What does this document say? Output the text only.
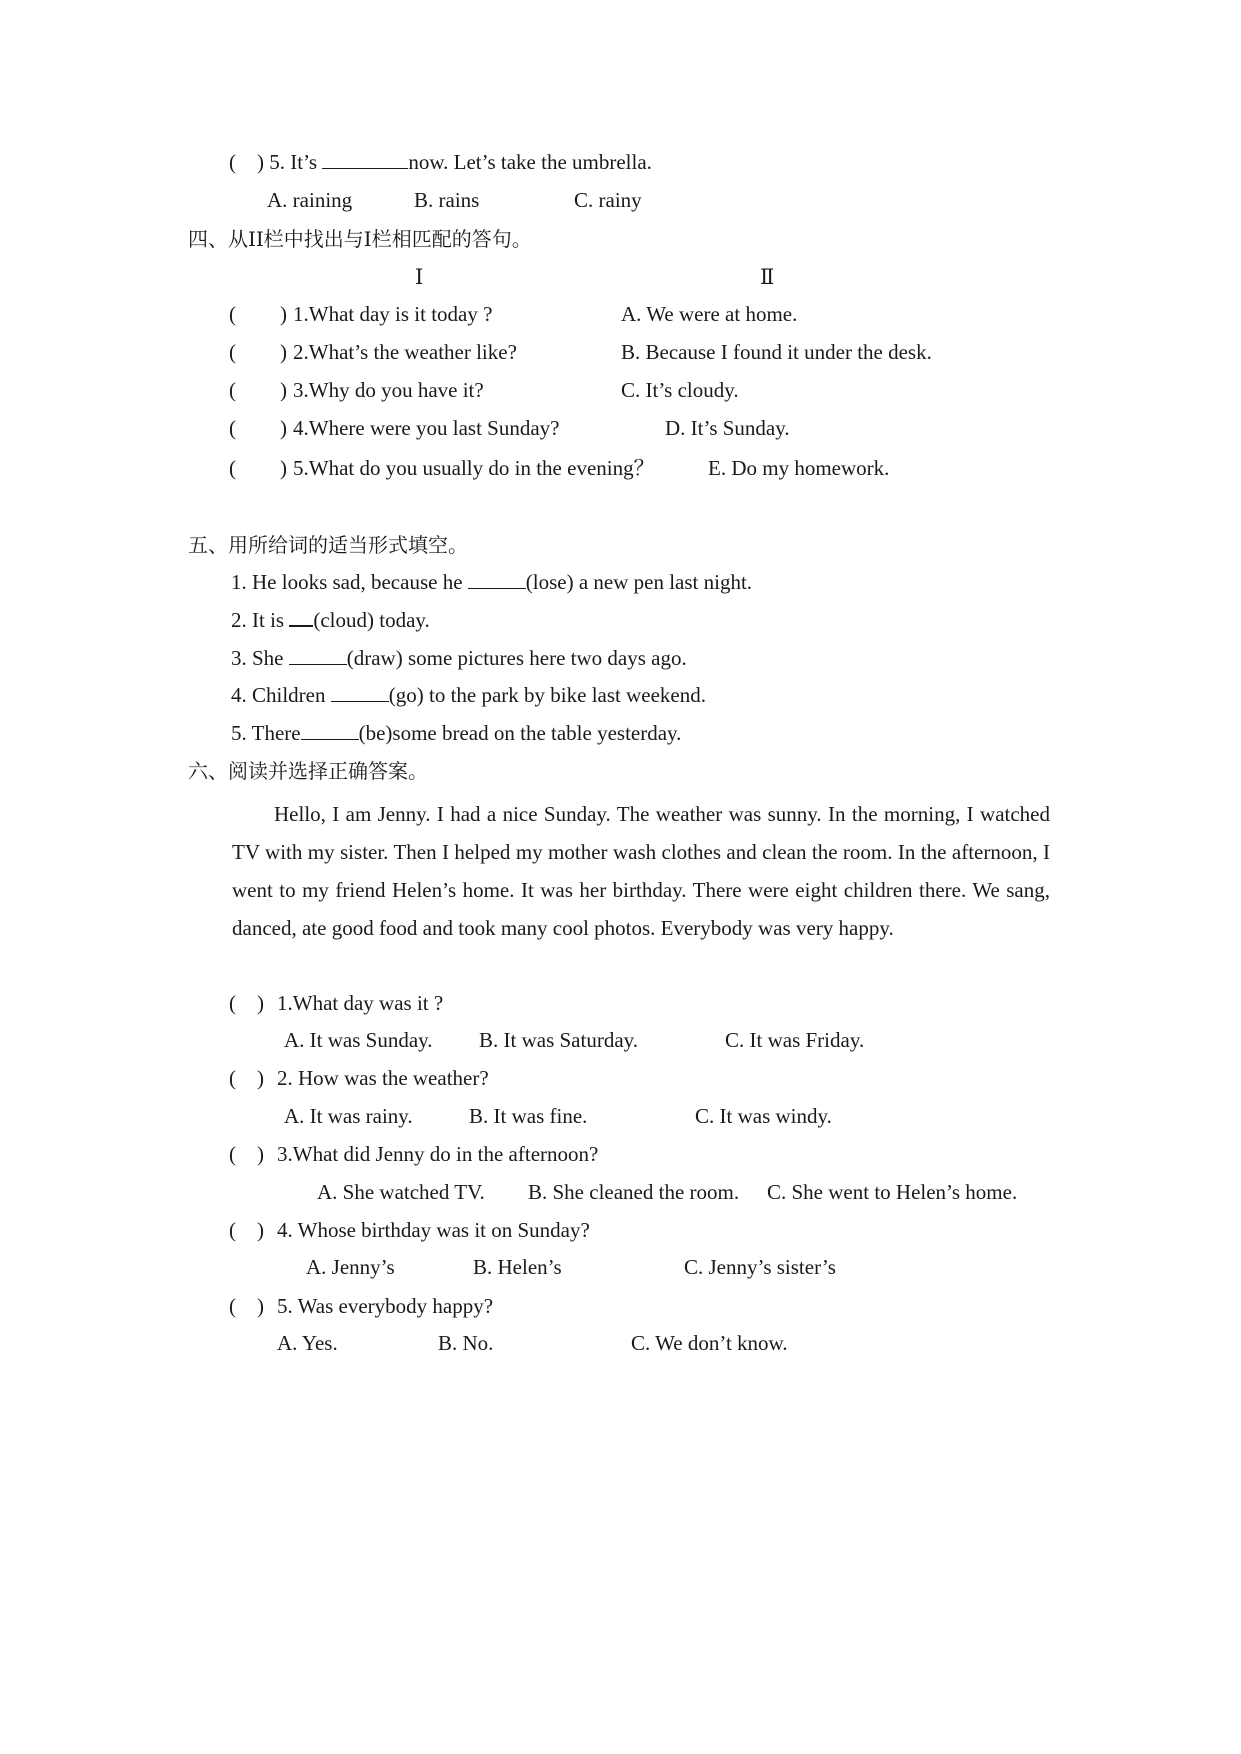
(    ) 5. It’s	now. Let’s take the umbrella.
A. raining	B. rains	C. rainy
四、从II栏中找出与Ⅰ栏相匹配的答句。
Ⅰ	Ⅱ
( ) 1.What day is it today ?	A. We were at home.
( ) 2.What’s the weather like?	B. Because I found it under the desk.
( ) 3.Why do you have it?	C. It’s cloudy.
( ) 4.Where were you last Sunday?	D. It’s Sunday.
( ) 5.What do you usually do in the evening？	E. Do my homework.
五、用所给词的适当形式填空。
1. He looks sad, because he	(lose) a new pen last night.
2. It is (cloud) today.
3. She	(draw) some pictures here two days ago.
4. Children	(go) to the park by bike last weekend.
5. There	(be)some bread on the table yesterday.
六、阅读并选择正确答案。
Hello, I am Jenny. I had a nice Sunday. The weather was sunny. In the morning, I watched TV with my sister. Then I helped my mother wash clothes and clean the room. In the afternoon, I went to my friend Helen’s home. It was her birthday. There were eight children there. We sang, danced, ate good food and took many cool photos. Everybody was very happy.
(    ) 1.What day was it ?
A. It was Sunday. B. It was Saturday.	C. It was Friday.
(    ) 2. How was the weather?
A. It was rainy.	B. It was fine.	C. It was windy.
(    ) 3.What did Jenny do in the afternoon?
A. She watched TV. B. She cleaned the room. C. She went to Helen’s home.
(    ) 4. Whose birthday was it on Sunday?
A. Jenny’s	B. Helen’s	C. Jenny’s sister’s
(    ) 5. Was everybody happy?
A. Yes.	B. No.	C. We don’t know.
